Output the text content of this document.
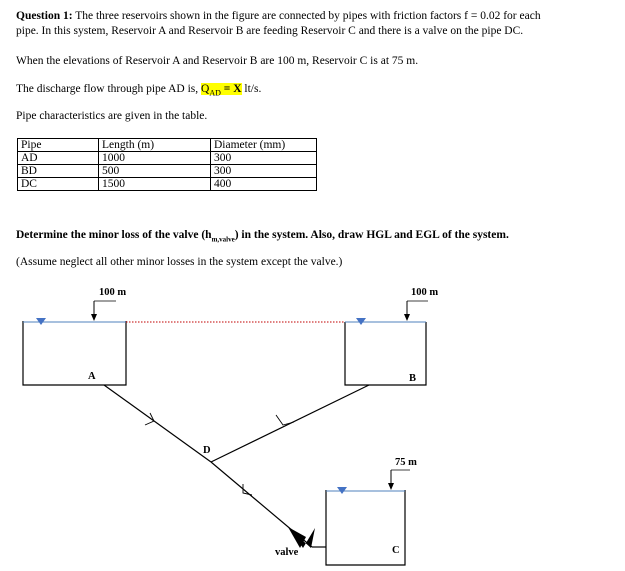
Question 1: The three reservoirs shown in the figure are connected by pipes with friction factors f = 0.02 for each
pipe. In this system, Reservoir A and Reservoir B are feeding Reservoir C and there is a valve on the pipe DC.
When the elevations of Reservoir A and Reservoir B are 100 m, Reservoir C is at 75 m.
The discharge flow through pipe AD is, $Q_{AD} = X$ lt/s.
Pipe characteristics are given in the table.
Pipe	Length (m)	Diameter (mm)
AD	1000	300
BD	500	300
DC	1500	400
Determine the minor loss of the valve $(h_{m,valve})$ in the system. Also, draw HGL and EGL of the system.
(Assume neglect all other minor losses in the system except the valve.)
100 m	100 m
A	B
D
valve
75 m
C
